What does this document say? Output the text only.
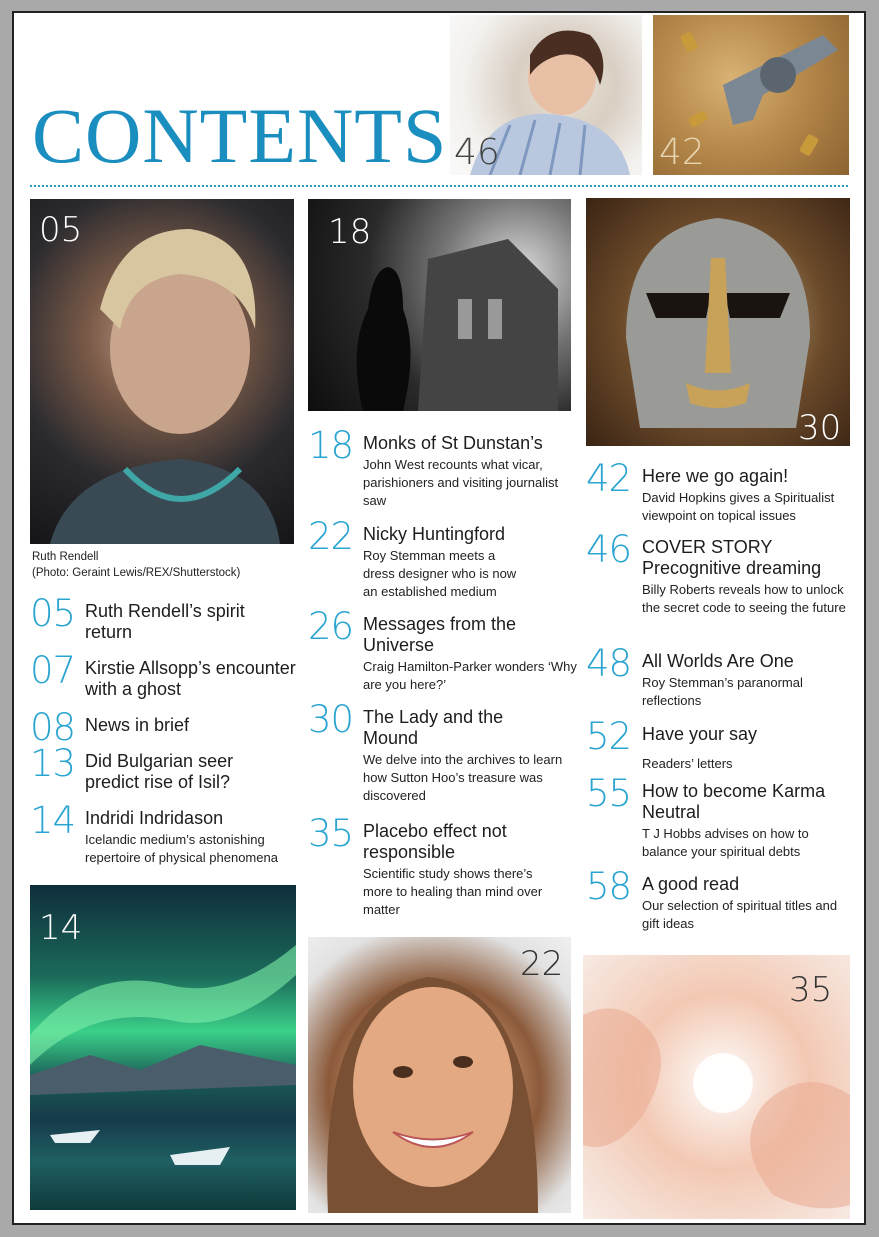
CONTENTS 46	42
05
Ruth Rendell
(Photo: Geraint Lewis/REX/Shutterstock)
18
30
14
22
35
05 Ruth Rendell’s spirit return
07 Kirstie Allsopp’s encounter with a ghost
08 News in brief
13 Did Bulgarian seer predict rise of Isil?
14 Indridi Indridason
Icelandic medium’s astonishing repertoire of physical phenomena
18 Monks of St Dunstan’s
John West recounts what vicar, parishioners and visiting journalist saw
22 Nicky Huntingford
Roy Stemman meets a dress designer who is now an established medium
26 Messages from the Universe
Craig Hamilton-Parker wonders ‘Why are you here?’
30 The Lady and the Mound
We delve into the archives to learn how Sutton Hoo’s treasure was discovered
35 Placebo effect not responsible
Scientific study shows there’s more to healing than mind over matter
42 Here we go again!
David Hopkins gives a Spiritualist viewpoint on topical issues
46 COVER STORY Precognitive dreaming
Billy Roberts reveals how to unlock the secret code to seeing the future
48 All Worlds Are One
Roy Stemman’s paranormal reflections
52 Have your say
Readers’ letters
55 How to become Karma Neutral
T J Hobbs advises on how to balance your spiritual debts
58 A good read
Our selection of spiritual titles and gift ideas
